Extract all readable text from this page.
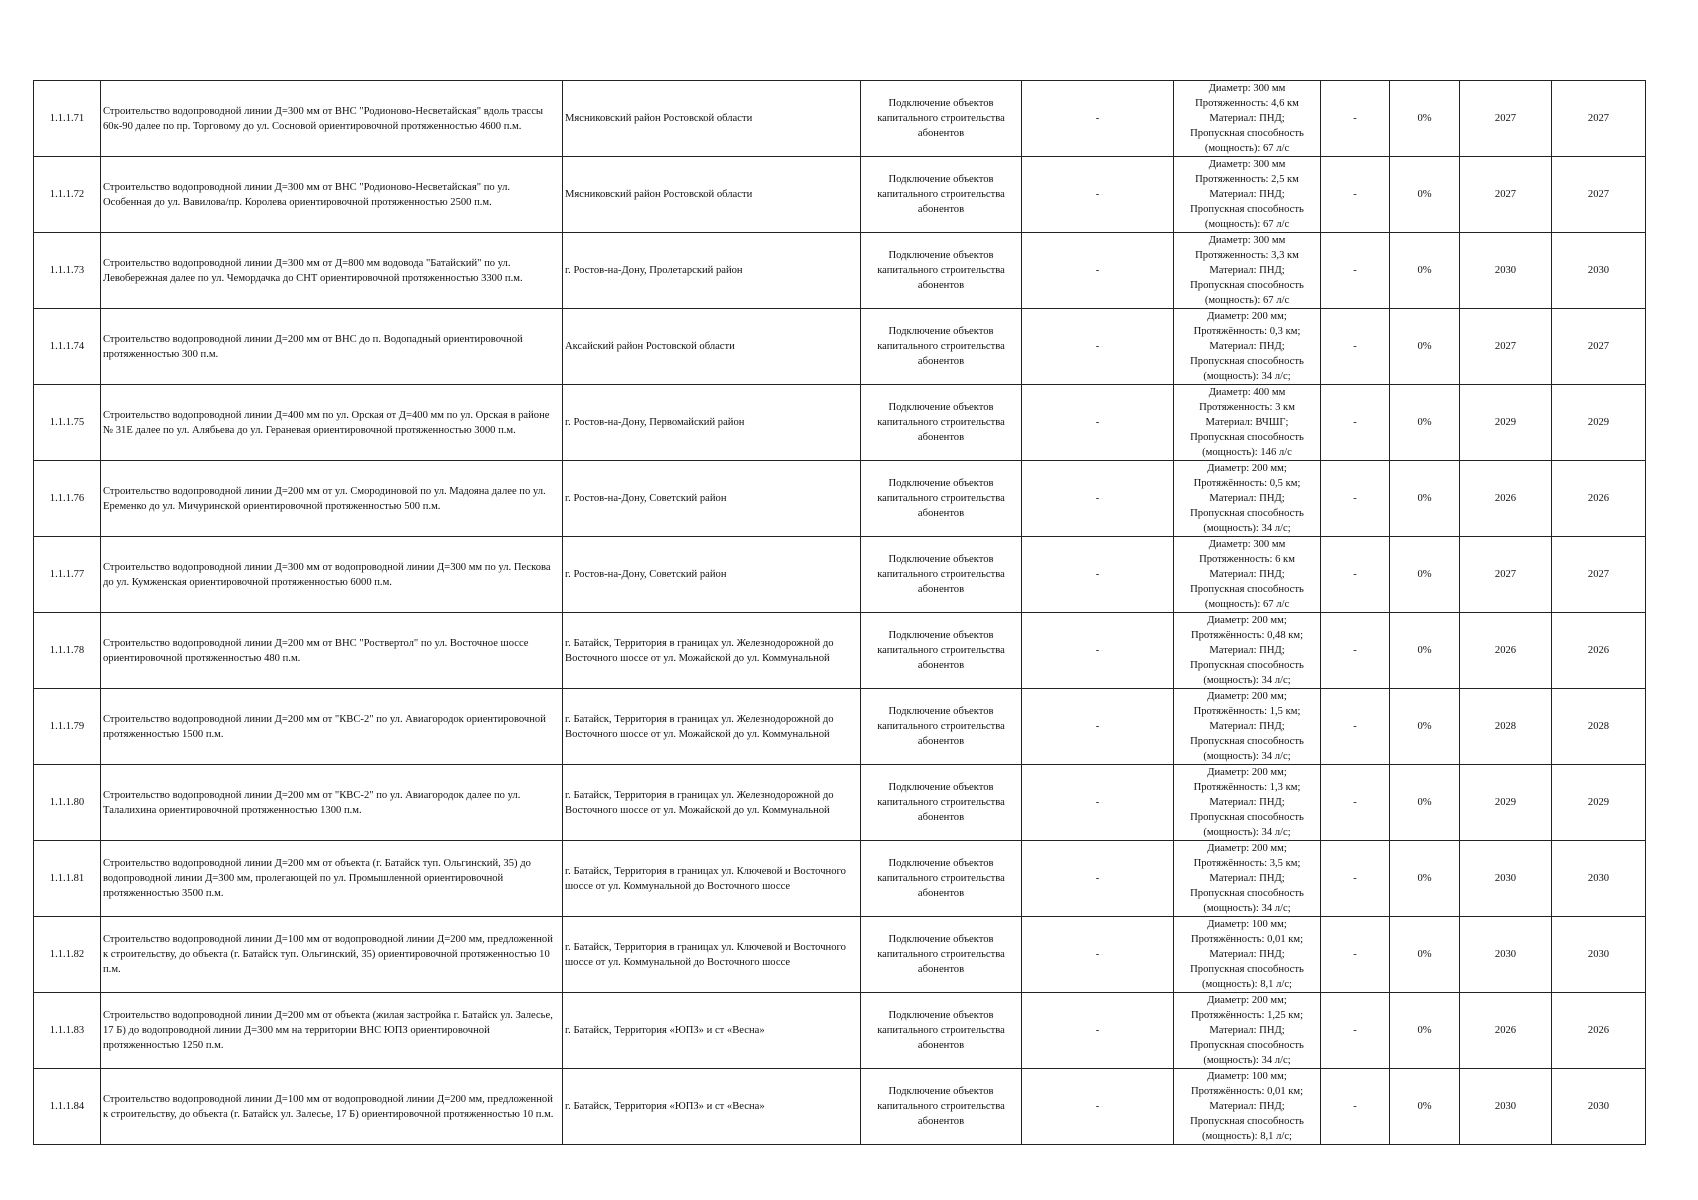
1.1.1.71	Строительство водопроводной линии Д=300 мм от ВНС "Родионово-Несветайская" вдоль трассы 60к-90 далее по пр. Торговому до ул. Сосновой ориентировочной протяженностью 4600 п.м.	Мясниковский район Ростовской области	Подключение объектов капитального строительства абонентов	-	Диаметр: 300 мм
Протяженность: 4,6 км
Материал: ПНД;
Пропускная способность
(мощность): 67 л/с	-	0%	2027	2027
1.1.1.72	Строительство водопроводной линии Д=300 мм от ВНС "Родионово-Несветайская" по ул. Особенная до ул. Вавилова/пр. Королева ориентировочной протяженностью 2500 п.м.	Мясниковский район Ростовской области	Подключение объектов капитального строительства абонентов	-	Диаметр: 300 мм
Протяженность: 2,5 км
Материал: ПНД;
Пропускная способность
(мощность): 67 л/с	-	0%	2027	2027
1.1.1.73	Строительство водопроводной линии Д=300 мм от Д=800 мм водовода "Батайский" по ул. Левобережная далее по ул. Чемордачка до СНТ ориентировочной протяженностью 3300 п.м.	г. Ростов-на-Дону, Пролетарский район	Подключение объектов капитального строительства абонентов	-	Диаметр: 300 мм
Протяженность: 3,3 км
Материал: ПНД;
Пропускная способность
(мощность): 67 л/с	-	0%	2030	2030
1.1.1.74	Строительство водопроводной линии Д=200 мм от ВНС до п. Водопадный ориентировочной протяженностью 300 п.м.	Аксайский район Ростовской области	Подключение объектов капитального строительства абонентов	-	Диаметр: 200 мм;
Протяжённость: 0,3 км;
Материал: ПНД;
Пропускная способность
(мощность): 34 л/с;	-	0%	2027	2027
1.1.1.75	Строительство водопроводной линии Д=400 мм по ул. Орская от Д=400 мм по ул. Орская в районе № 31Е далее по ул. Алябьева до ул. Гераневая ориентировочной протяженностью 3000 п.м.	г. Ростов-на-Дону, Первомайский район	Подключение объектов капитального строительства абонентов	-	Диаметр: 400 мм
Протяженность: 3 км
Материал: ВЧШГ;
Пропускная способность
(мощность): 146 л/с	-	0%	2029	2029
1.1.1.76	Строительство водопроводной линии Д=200 мм от ул. Смородиновой по ул. Мадояна далее по ул. Еременко до ул. Мичуринской ориентировочной протяженностью 500 п.м.	г. Ростов-на-Дону, Советский район	Подключение объектов капитального строительства абонентов	-	Диаметр: 200 мм;
Протяжённость: 0,5 км;
Материал: ПНД;
Пропускная способность
(мощность): 34 л/с;	-	0%	2026	2026
1.1.1.77	Строительство водопроводной линии Д=300 мм от водопроводной линии Д=300 мм по ул. Пескова до ул. Кумженская ориентировочной протяженностью 6000 п.м.	г. Ростов-на-Дону, Советский район	Подключение объектов капитального строительства абонентов	-	Диаметр: 300 мм
Протяженность: 6 км
Материал: ПНД;
Пропускная способность
(мощность): 67 л/с	-	0%	2027	2027
1.1.1.78	Строительство водопроводной линии Д=200 мм от ВНС "Роствертол" по ул. Восточное шоссе ориентировочной протяженностью 480 п.м.	г. Батайск, Территория в границах ул. Железнодорожной до Восточного шоссе от ул. Можайской до ул. Коммунальной	Подключение объектов капитального строительства абонентов	-	Диаметр: 200 мм;
Протяжённость: 0,48 км;
Материал: ПНД;
Пропускная способность
(мощность): 34 л/с;	-	0%	2026	2026
1.1.1.79	Строительство водопроводной линии Д=200 мм от "КВС-2" по ул. Авиагородок ориентировочной протяженностью 1500 п.м.	г. Батайск, Территория в границах ул. Железнодорожной до Восточного шоссе от ул. Можайской до ул. Коммунальной	Подключение объектов капитального строительства абонентов	-	Диаметр: 200 мм;
Протяжённость: 1,5 км;
Материал: ПНД;
Пропускная способность
(мощность): 34 л/с;	-	0%	2028	2028
1.1.1.80	Строительство водопроводной линии Д=200 мм от "КВС-2" по ул. Авиагородок далее по ул. Талалихина ориентировочной протяженностью 1300 п.м.	г. Батайск, Территория в границах ул. Железнодорожной до Восточного шоссе от ул. Можайской до ул. Коммунальной	Подключение объектов капитального строительства абонентов	-	Диаметр: 200 мм;
Протяжённость: 1,3 км;
Материал: ПНД;
Пропускная способность
(мощность): 34 л/с;	-	0%	2029	2029
1.1.1.81	Строительство водопроводной линии Д=200 мм от объекта (г. Батайск туп. Ольгинский, 35) до водопроводной линии Д=300 мм, пролегающей по ул. Промышленной ориентировочной протяженностью 3500 п.м.	г. Батайск, Территория в границах ул. Ключевой и Восточного шоссе от ул. Коммунальной до Восточного шоссе	Подключение объектов капитального строительства абонентов	-	Диаметр: 200 мм;
Протяжённость: 3,5 км;
Материал: ПНД;
Пропускная способность
(мощность): 34 л/с;	-	0%	2030	2030
1.1.1.82	Строительство водопроводной линии Д=100 мм от водопроводной линии Д=200 мм, предложенной к строительству, до объекта (г. Батайск туп. Ольгинский, 35) ориентировочной протяженностью 10 п.м.	г. Батайск, Территория в границах ул. Ключевой и Восточного шоссе от ул. Коммунальной до Восточного шоссе	Подключение объектов капитального строительства абонентов	-	Диаметр: 100 мм;
Протяжённость: 0,01 км;
Материал: ПНД;
Пропускная способность
(мощность): 8,1 л/с;	-	0%	2030	2030
1.1.1.83	Строительство водопроводной линии Д=200 мм от объекта (жилая застройка г. Батайск ул. Залесье, 17 Б) до водопроводной линии Д=300 мм на территории ВНС ЮПЗ ориентировочной протяженностью 1250 п.м.	г. Батайск, Территория «ЮПЗ» и ст «Весна»	Подключение объектов капитального строительства абонентов	-	Диаметр: 200 мм;
Протяжённость: 1,25 км;
Материал: ПНД;
Пропускная способность
(мощность): 34 л/с;	-	0%	2026	2026
1.1.1.84	Строительство водопроводной линии Д=100 мм от водопроводной линии Д=200 мм, предложенной к строительству, до объекта (г. Батайск ул. Залесье, 17 Б) ориентировочной протяженностью 10 п.м.	г. Батайск, Территория «ЮПЗ» и ст «Весна»	Подключение объектов капитального строительства абонентов	-	Диаметр: 100 мм;
Протяжённость: 0,01 км;
Материал: ПНД;
Пропускная способность
(мощность): 8,1 л/с;	-	0%	2030	2030
